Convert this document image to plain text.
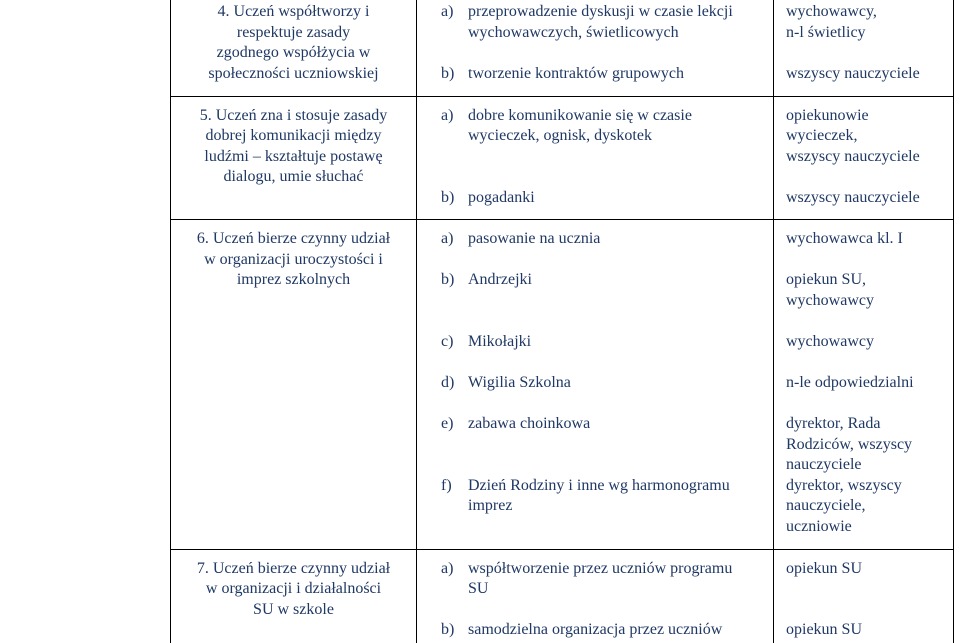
4. Uczeń współtworzy i
respektuje zasady
zgodnego współżycia w
społeczności uczniowskiej
a) przeprowadzenie dyskusji w czasie lekcji
wychowawczych, świetlicowych
b) tworzenie kontraktów grupowych
wychowawcy,
n-l świetlicy
wszyscy nauczyciele
5. Uczeń zna i stosuje zasady
dobrej komunikacji między
ludźmi – kształtuje postawę
dialogu, umie słuchać
a) dobre komunikowanie się w czasie
wycieczek, ognisk, dyskotek
b) pogadanki
opiekunowie
wycieczek,
wszyscy nauczyciele
wszyscy nauczyciele
6. Uczeń bierze czynny udział
w organizacji uroczystości i
imprez szkolnych
a) pasowanie na ucznia
b) Andrzejki
c) Mikołajki
d) Wigilia Szkolna
e) zabawa choinkowa
f) Dzień Rodziny i inne wg harmonogramu
imprez
wychowawca kl. I
opiekun SU,
wychowawcy
wychowawcy
n-le odpowiedzialni
dyrektor, Rada
Rodziców, wszyscy
nauczyciele
dyrektor, wszyscy
nauczyciele,
uczniowie
7. Uczeń bierze czynny udział
w organizacji i działalności
SU w szkole
a) współtworzenie przez uczniów programu
SU
b) samodzielna organizacja przez uczniów
opiekun SU
opiekun SU
